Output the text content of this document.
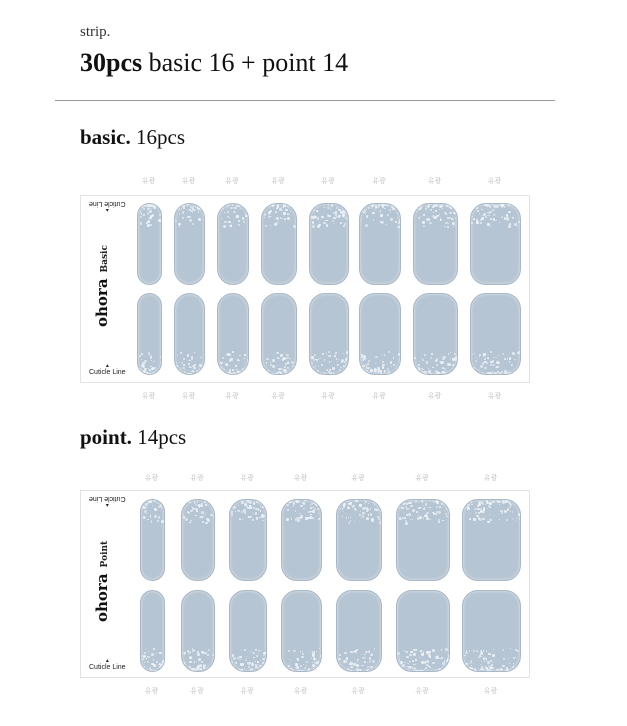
strip.
30pcs basic 16 + point 14
basic. 16pcs
유광	유광	유광	유광	유광	유광	유광	유광
▲
Cuticle Line
ohora
Basic
▲
Cuticle Line
유광	유광	유광	유광	유광	유광	유광	유광
point. 14pcs
유광	유광	유광	유광	유광	유광	유광
▲
Cuticle Line
ohora
Point
▲
Cuticle Line
유광	유광	유광	유광	유광	유광	유광
